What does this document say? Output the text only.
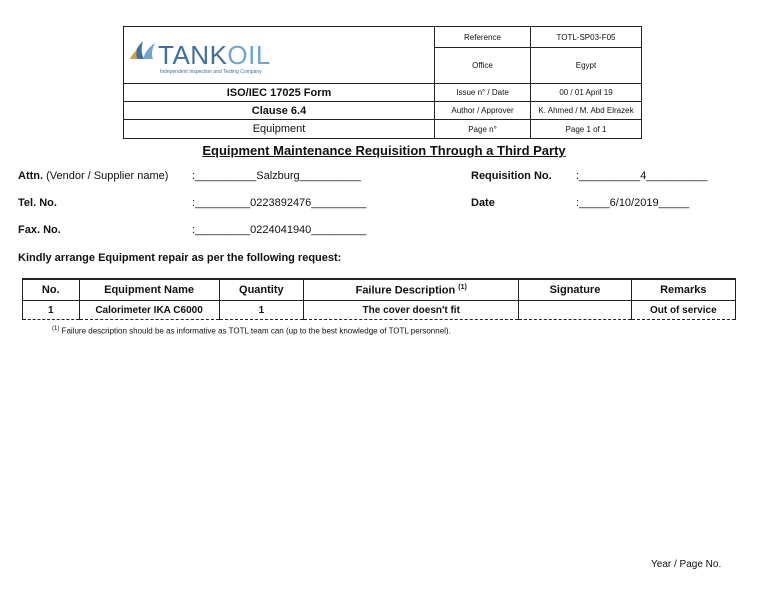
TANKOIL
Independent Inspection and Testing Company	Reference	TOTL-SP03-F05
	Office	Egypt
ISO/IEC 17025 Form	Issue n° / Date	00 / 01 April 19
Clause 6.4	Author / Approver	K. Ahmed / M. Abd Elrazek
Equipment	Page n°	Page 1 of 1
Equipment Maintenance Requisition Through a Third Party
Attn. (Vendor / Supplier name) :__________Salzburg__________
Tel. No.	:_________0223892476_________
Fax. No.	:_________0224041940_________
Requisition No. :__________4__________
Date	:_____6/10/2019_____
Kindly arrange Equipment repair as per the following request:
No.	Equipment Name	Quantity	Failure Description $^{(1)}$	Signature	Remarks
1	Calorimeter IKA C6000	1	The cover doesn't fit		Out of service
$^{(1)}$ Failure description should be as informative as TOTL team can (up to the best knowledge of TOTL personnel).
Year / Page No.
